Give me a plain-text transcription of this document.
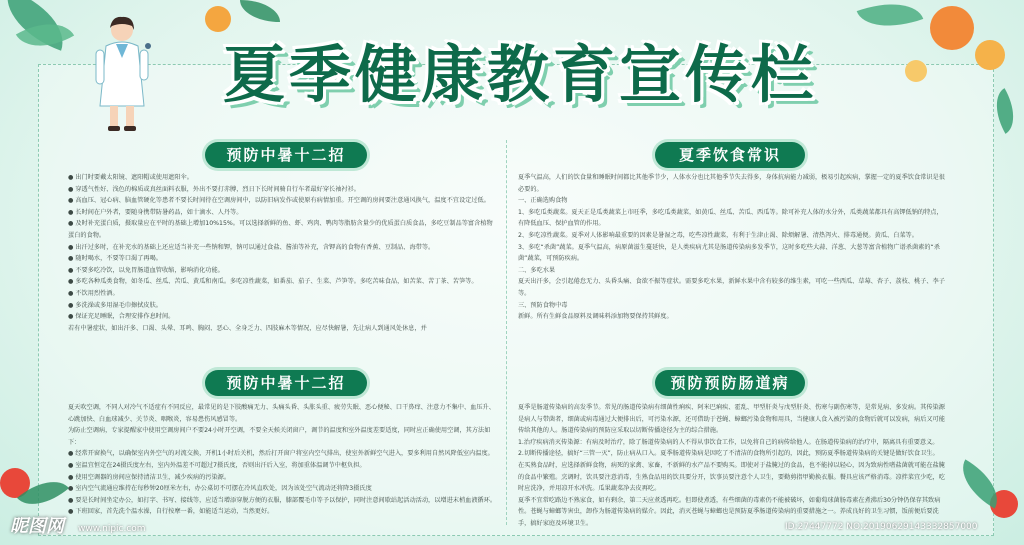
夏季健康教育宣传栏
预防中暑十二招	夏季饮食常识
预防中暑十二招	预防预防肠道病

● 出门时要戴太阳镜、遮阳帽或使用遮阳伞。

● 穿透气性好、浅色的棉质或真丝面料衣服，外出不要打赤膊，烈日下长时间骑自行车者最好穿长袖衬衫。

● 高血压、冠心病、脑血管硬化等患者不要长时间待在空调房间中，以防旧病发作或使原有病情加重。开空调的房间要注意通风换气，温度不宜设定过低。

● 长时间在户外者，要随身携带防暑药品，如十滴水、人丹等。

● 及时补充蛋白质，摄取量应在平时的基础上增加10%15%。可以选择新鲜的鱼、虾、鸡肉、鸭肉等脂肪含量少的优质蛋白质食品，多吃豆制品等富含植物蛋白的食物。

● 出汗过多时，在补充水的基础上还应适当补充一些钠和钾，钠可以通过食盐、酱油等补充，含钾高的食物有香蕉、豆制品、海带等。

● 随时喝水，不要等口渴了再喝。

● 不要多吃冷饮，以免胃肠道血管收缩，影响消化功能。

● 多吃各种瓜类食物，如冬瓜、丝瓜、苦瓜、黄瓜和南瓜。多吃凉性蔬菜，如番茄、茄子、生菜、芦笋等。多吃苦味食品，如苦菜、苦丁茶、苦笋等。

● 不饮用烈性酒。

● 多洗澡或多用湿毛巾擦拭皮肤。

● 保证充足睡眠，合理安排作息时间。

若有中暑症状，如出汗多、口渴、头晕、耳鸣、胸闷、恶心、全身乏力、四肢麻木等情况，应尽快解暑，先让病人到通风处休息，并

夏天吹空调，不同人对冷气不适症有不同反应，最常见的是下肢酸痛无力、头痛头昏、头胀头重、疲劳失眠、恶心便秘、口干鼻痒、注意力不集中、血压升、心跳加快、白血球减少、关节炎、咽喉炎，容易患伤风感冒等。

为防止空调病，专家提醒家中使用空调房间户不要24小时开空调，不要全天候关闭窗户，调节的温度和室外温度差要适度，同时应正确使用空调，其方法如下：

● 经常开窗换气，以确保室内外空气的对流交换，开机1小时后关机，然后打开窗户将室内空气排出，使室外新鲜空气进入，要多利用自然风降低室内温度。

● 室温宜恒定在24摄氏度左右，室内外温差不可超过7摄氏度，否则出汗后入室，将加重体温调节中枢负担。

● 使用空调器的房间应保持清洁卫生，减少疾病的污染源。

● 室内空气流通应维持在每秒钟20厘米左右，办公桌切不可摆在冷风直吹处，因为该处空气流动还将降3摄氏度

● 要是长时间坐定办公，如打字、书写、接线等，应适当增添穿脱方便的衣服，膝部覆毛巾等予以保护，同时注意间歇站起活动活动，以增进末梢血液循环。

● 下班回家，首先洗个温水澡，自行按摩一番，如能适当运动，当然更好。

夏季气温高，人们的饮食量和睡眠时间都比其他季节少，人体水分也比其他季节失去得多，身体抗病能力减弱，极易引起疾病，掌握一定的夏季饮食常识是很必要的。

一、正确选购食物

1、多吃瓜类蔬菜。夏天正是瓜类蔬菜上市旺季，多吃瓜类蔬菜，如黄瓜、丝瓜、苦瓜、西瓜等。除可补充人体的水分外，瓜类蔬菜都具有高钾低钠的特点，有降低血压、保护血管的作用。

2、多吃凉性蔬菜。夏季对人体影响最重要的因素是暑湿之毒，吃些凉性蔬菜，有利于生津止渴、除烦解暑、清热泻火、排毒通便。黄瓜、白菜等。

3、多吃“杀菌”蔬菜。夏季气温高，病原菌滋生蔓延快，是人类疾病尤其是肠道传染病多发季节，这时多吃些大蒜、洋葱、大葱等富含植物广谱杀菌素的“杀菌”蔬菜，可预防疾病。

二、多吃水果

夏天出汗多，会引起倦怠无力、头昏头痛、食欲不振等症状。需要多吃水果，新鲜水果中含有较多的维生素，可吃一些西瓜、草莓、杏子、荔枝、桃子、李子等。

三、预防食物中毒

新鲜。所有生鲜食品原料及调味料添加物要保持其鲜度。

夏季是肠道传染病的高发季节。常见的肠道传染病有细菌性痢疾、阿米巴痢疾、霍乱、甲型肝炎与戊型肝炎、伤寒与副伤寒等，是常见病、多发病。其传染源是病人与带菌者，细菌或病毒通过大便排出后，可污染水源，还可借助于苍蝇、蟑螂污染食物和用具，当健康人食入被污染的食物后就可以发病，病后又可能传给其他的人。肠道传染病的预防应采取以切断传播途径为主的综合措施。

1.治疗疾病消灭传染源：有病及时治疗，除了肠道传染病的人不得从事饮食工作，以免将自己的病传给他人。在肠道传染病的治疗中，隔离具有重要意义。

2.切断传播途径，搞好“三管一灭”，防止病从口入。夏季肠道传染病是因吃了不清洁的食物所引起的，因此，预防夏季肠道传染病的关键是做好饮食卫生。

在买熟食品时，应选择新鲜食物，病死的家禽、家畜，不新鲜的水产品不要购买。即使对于盐腌过的食品，也不能掉以轻心，因为致病性嗜盐菌就可能在盐腌的食品中繁殖。烹调时，饮具要注意消毒，生熟食品用的饮具要分开，饮事员要注意个人卫生，要勤剪指甲勤换衣服。餐具应该严格消毒。凉拌菜宜少吃，吃时应洗净，并用凉开水冲洗。瓜果蔬菜净去皮再吃。

夏季不宜常吃路边不熟家食，如有剩余，第二天应煮透再吃。但即使煮透，有些细菌的毒素仍不能被破坏，如葡萄球菌肠毒素在煮沸后30分钟仍保存其致病性。苍蝇与蟑螂等害虫，卸作为肠道传染病的媒介。因此，消灭苍蝇与蟑螂也是预防夏季肠道传染病的重要措施之一。养成良好的卫生习惯，饭前便后要洗手，搞好家庭及环境卫生。

昵图网 www.nipic.com	ID:27447772 NO:20190629143332857000
